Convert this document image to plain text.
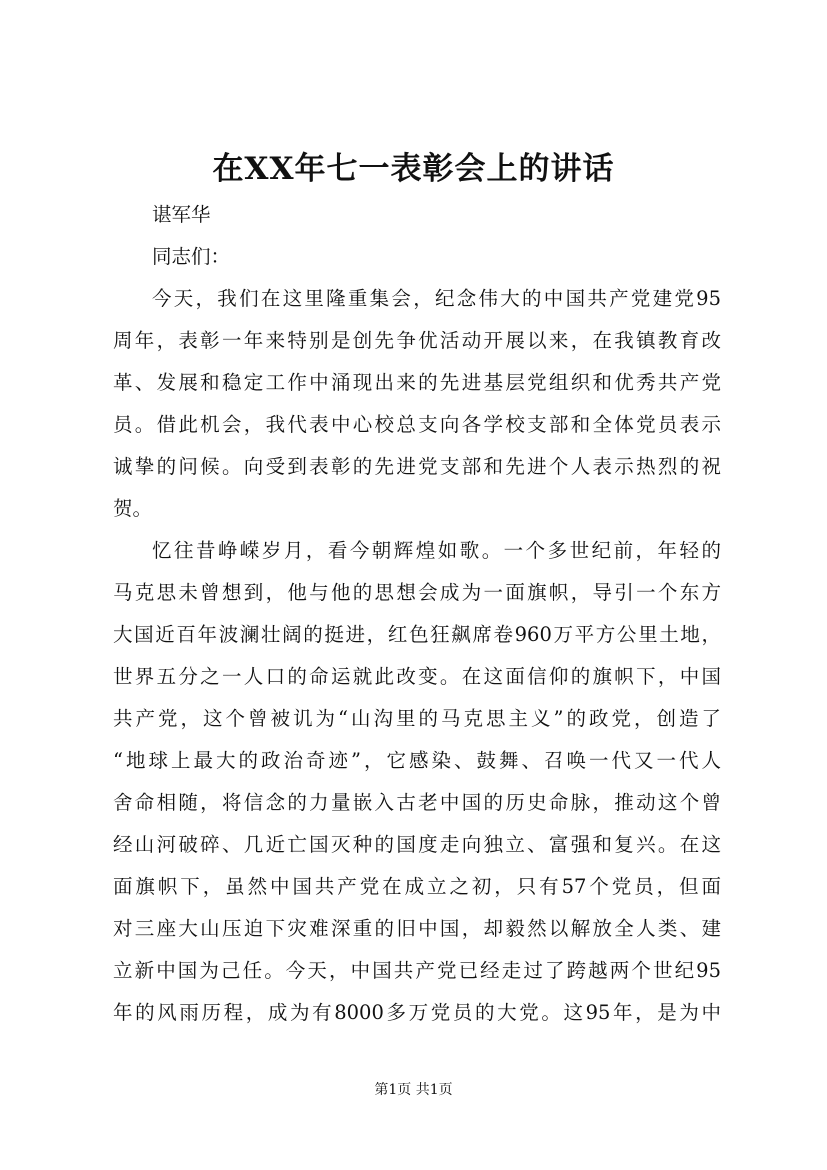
在XX年七一表彰会上的讲话
谌军华
同志们：
今天，我们在这里隆重集会，纪念伟大的中国共产党建党95
周年，表彰一年来特别是创先争优活动开展以来，在我镇教育改
革、发展和稳定工作中涌现出来的先进基层党组织和优秀共产党
员。借此机会，我代表中心校总支向各学校支部和全体党员表示
诚挚的问候。向受到表彰的先进党支部和先进个人表示热烈的祝
贺。
忆往昔峥嵘岁月，看今朝辉煌如歌。一个多世纪前，年轻的
马克思未曾想到，他与他的思想会成为一面旗帜，导引一个东方
大国近百年波澜壮阔的挺进，红色狂飙席卷960万平方公里土地，
世界五分之一人口的命运就此改变。在这面信仰的旗帜下，中国
共产党，这个曾被讥为“山沟里的马克思主义”的政党，创造了
“地球上最大的政治奇迹”，它感染、鼓舞、召唤一代又一代人
舍命相随，将信念的力量嵌入古老中国的历史命脉，推动这个曾
经山河破碎、几近亡国灭种的国度走向独立、富强和复兴。在这
面旗帜下，虽然中国共产党在成立之初，只有57个党员，但面
对三座大山压迫下灾难深重的旧中国，却毅然以解放全人类、建
立新中国为己任。今天，中国共产党已经走过了跨越两个世纪95
年的风雨历程，成为有8000多万党员的大党。这95年，是为中
第1页 共1页
